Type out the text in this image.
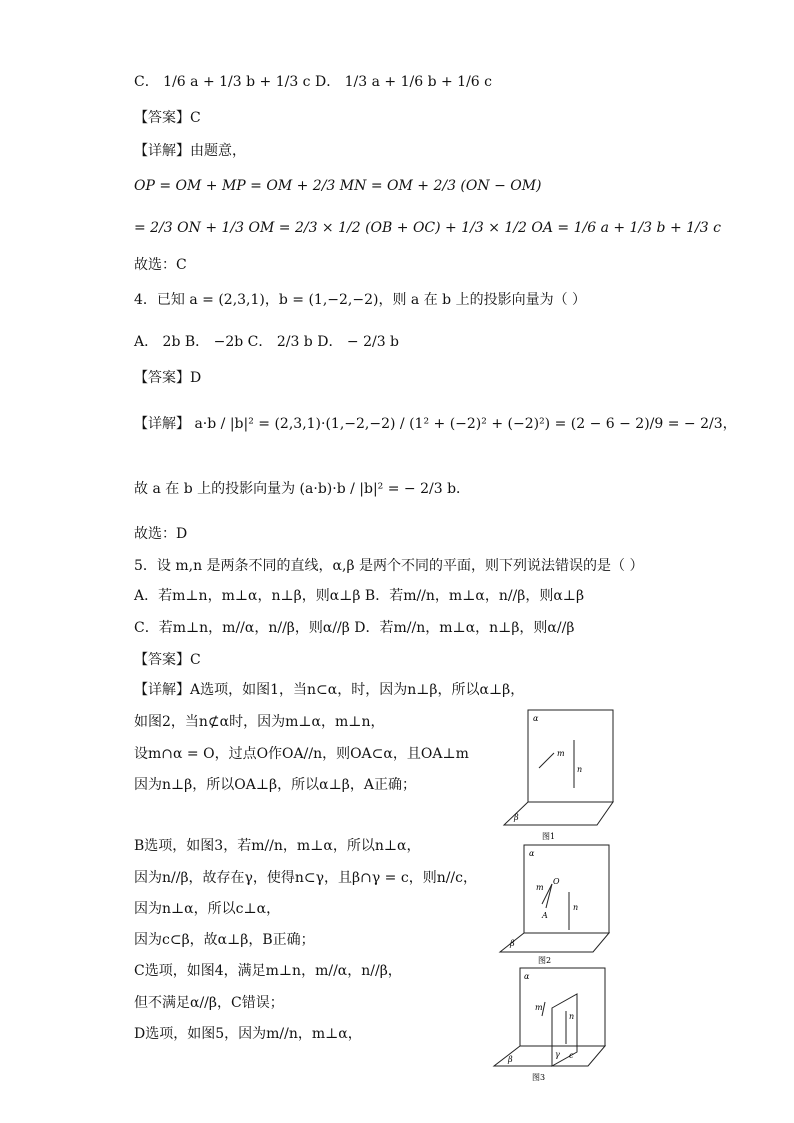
C． 1/6 a + 1/3 b + 1/3 c D． 1/3 a + 1/6 b + 1/6 c
【答案】C
【详解】由题意，
OP = OM + MP = OM + 2/3 MN = OM + 2/3 (ON − OM)
= 2/3 ON + 1/3 OM = 2/3 × 1/2 (OB + OC) + 1/3 × 1/2 OA = 1/6 a + 1/3 b + 1/3 c
故选：C
4．已知 a = (2,3,1)，b = (1,−2,−2)，则 a 在 b 上的投影向量为（ ）
A． 2b B． −2b C． 2/3 b D． − 2/3 b
【答案】D
【详解】 a·b / |b|² = (2,3,1)·(1,−2,−2) / (1² + (−2)² + (−2)²) = (2 − 6 − 2)/9 = − 2/3，
故 a 在 b 上的投影向量为 (a·b)·b / |b|² = − 2/3 b．
故选：D
5．设 m,n 是两条不同的直线，α,β 是两个不同的平面，则下列说法错误的是（ ）
A．若m⊥n，m⊥α，n⊥β，则α⊥β B．若m//n，m⊥α，n//β，则α⊥β
C．若m⊥n，m//α，n//β，则α//β D．若m//n，m⊥α，n⊥β，则α//β
【答案】C
【详解】A选项，如图1，当n⊂α，时，因为n⊥β，所以α⊥β，
如图2，当n⊄α时，因为m⊥α，m⊥n，
设m∩α = O，过点O作OA//n，则OA⊂α，且OA⊥m
因为n⊥β，所以OA⊥β，所以α⊥β，A正确；
B选项，如图3，若m//n，m⊥α，所以n⊥α，
因为n//β，故存在γ，使得n⊂γ，且β∩γ = c，则n//c，
因为n⊥α，所以c⊥α，
因为c⊂β，故α⊥β，B正确；
C选项，如图4，满足m⊥n，m//α，n//β，
但不满足α//β，C错误；
D选项，如图5，因为m//n，m⊥α，
α
m
n
β
图1
α
m
O
A
n
β
图2
α
m
n
γ c
β
图3
